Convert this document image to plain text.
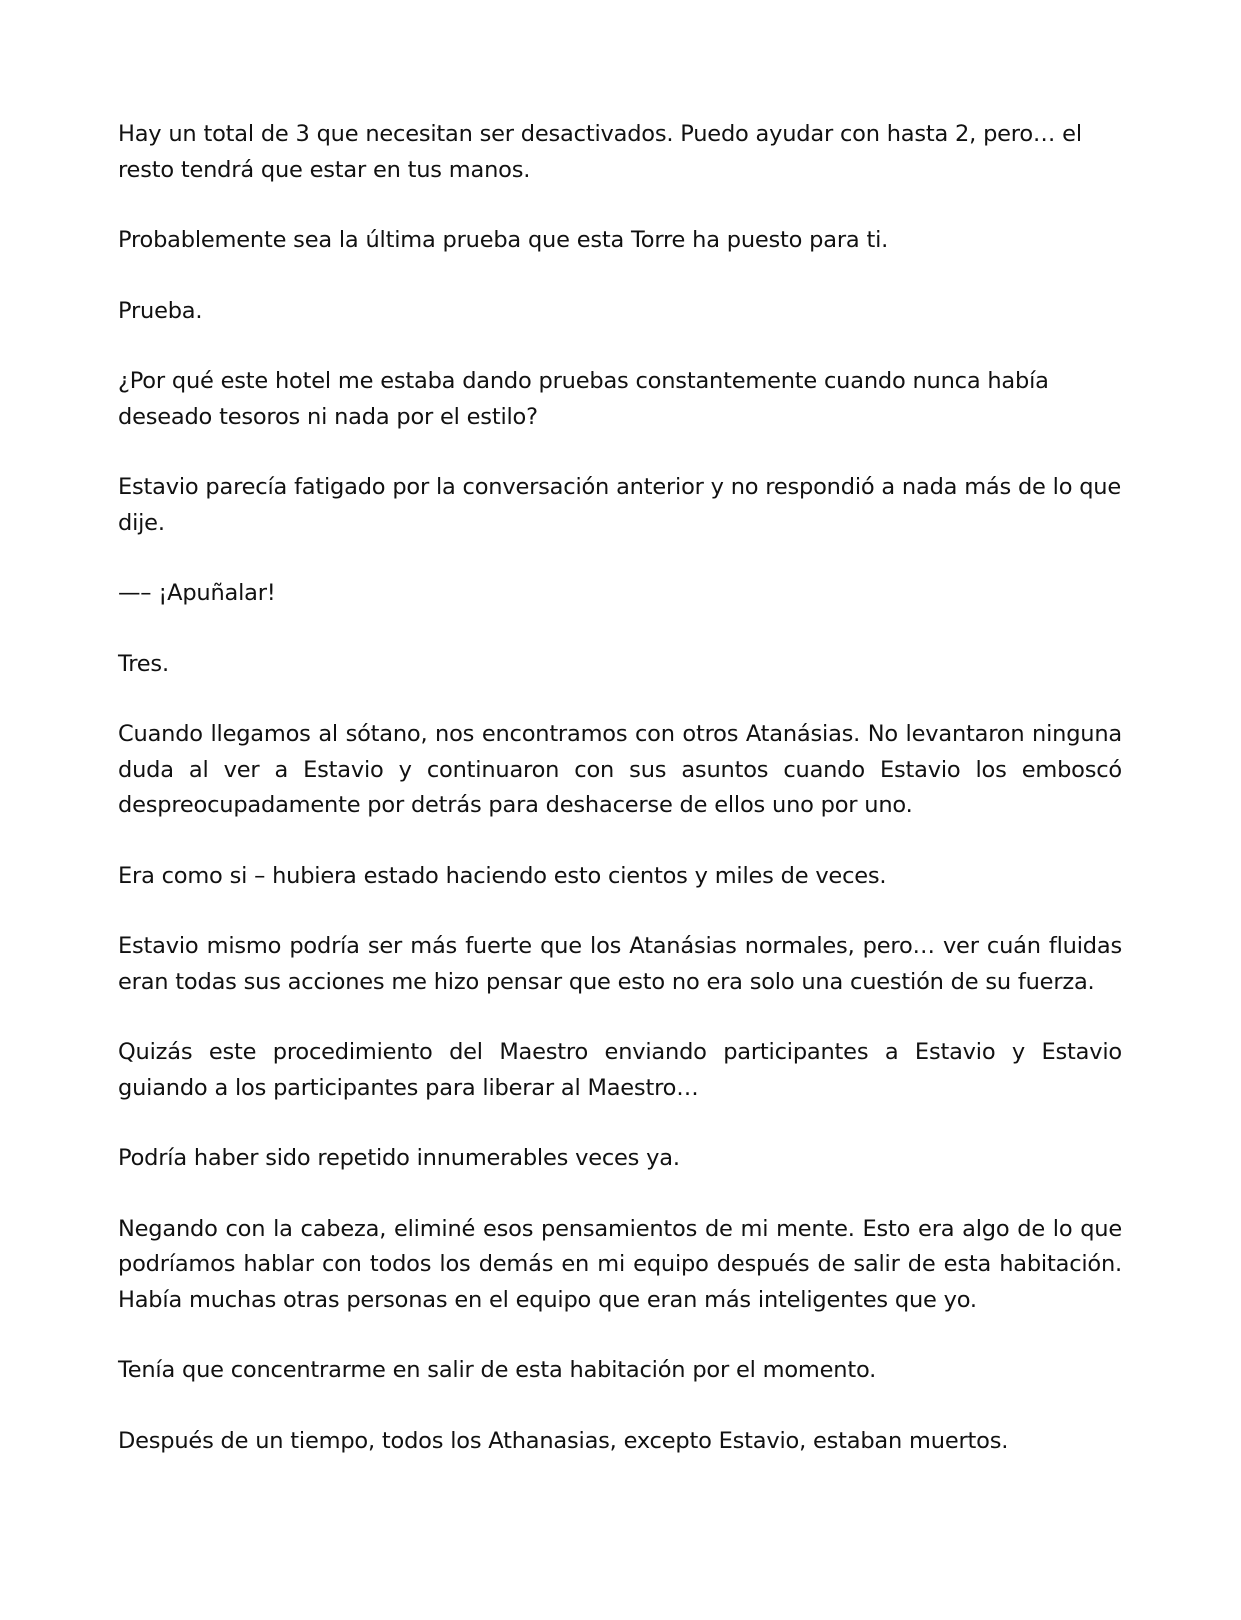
Hay un total de 3 que necesitan ser desactivados. Puedo ayudar con hasta 2, pero… el resto tendrá que estar en tus manos.

Probablemente sea la última prueba que esta Torre ha puesto para ti.

Prueba.

¿Por qué este hotel me estaba dando pruebas constantemente cuando nunca había deseado tesoros ni nada por el estilo?

Estavio parecía fatigado por la conversación anterior y no respondió a nada más de lo que dije.

—– ¡Apuñalar!

Tres.

Cuando llegamos al sótano, nos encontramos con otros Atanásias. No levantaron ninguna duda al ver a Estavio y continuaron con sus asuntos cuando Estavio los emboscó despreocupadamente por detrás para deshacerse de ellos uno por uno.

Era como si – hubiera estado haciendo esto cientos y miles de veces.

Estavio mismo podría ser más fuerte que los Atanásias normales, pero… ver cuán fluidas eran todas sus acciones me hizo pensar que esto no era solo una cuestión de su fuerza.

Quizás este procedimiento del Maestro enviando participantes a Estavio y Estavio guiando a los participantes para liberar al Maestro…

Podría haber sido repetido innumerables veces ya.

Negando con la cabeza, eliminé esos pensamientos de mi mente. Esto era algo de lo que podríamos hablar con todos los demás en mi equipo después de salir de esta habitación. Había muchas otras personas en el equipo que eran más inteligentes que yo.

Tenía que concentrarme en salir de esta habitación por el momento.

Después de un tiempo, todos los Athanasias, excepto Estavio, estaban muertos.
